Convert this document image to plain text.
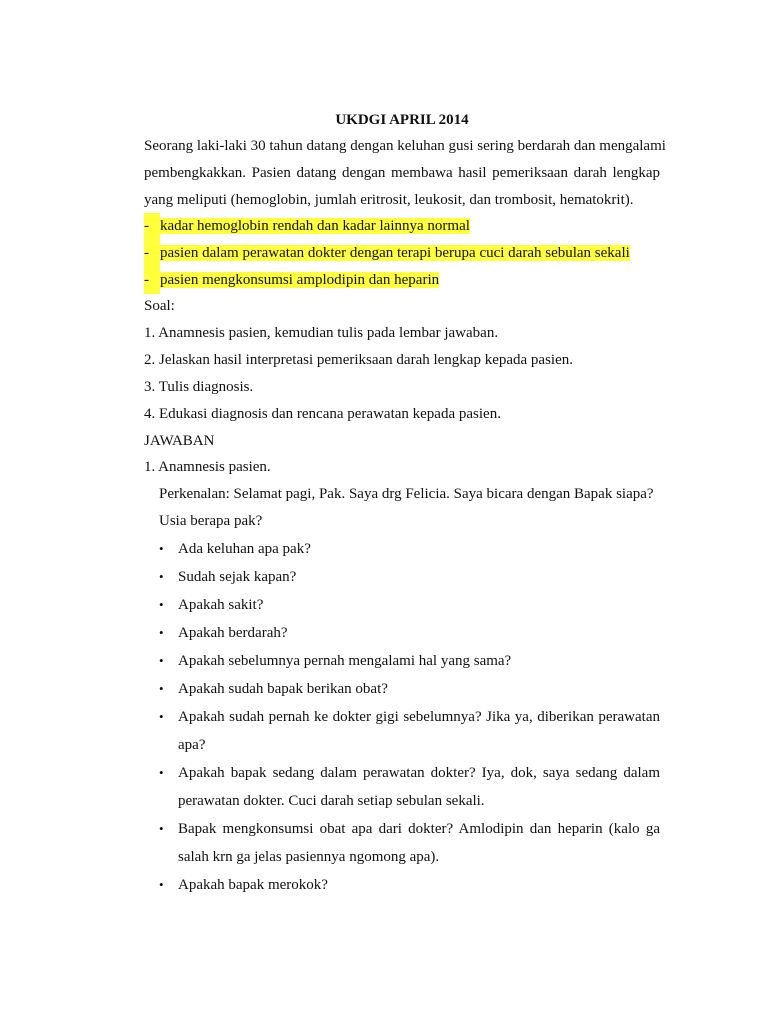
UKDGI APRIL 2014
Seorang laki-laki 30 tahun datang dengan keluhan gusi sering berdarah dan mengalami
pembengkakkan. Pasien datang dengan membawa hasil pemeriksaan darah lengkap
yang meliputi (hemoglobin, jumlah eritrosit, leukosit, dan trombosit, hematokrit).
- kadar hemoglobin rendah dan kadar lainnya normal
- pasien dalam perawatan dokter dengan terapi berupa cuci darah sebulan sekali
- pasien mengkonsumsi amplodipin dan heparin
Soal:
1. Anamnesis pasien, kemudian tulis pada lembar jawaban.
2. Jelaskan hasil interpretasi pemeriksaan darah lengkap kepada pasien.
3. Tulis diagnosis.
4. Edukasi diagnosis dan rencana perawatan kepada pasien.
JAWABAN
1. Anamnesis pasien.
Perkenalan: Selamat pagi, Pak. Saya drg Felicia. Saya bicara dengan Bapak siapa?
Usia berapa pak?
• Ada keluhan apa pak?
• Sudah sejak kapan?
• Apakah sakit?
• Apakah berdarah?
• Apakah sebelumnya pernah mengalami hal yang sama?
• Apakah sudah bapak berikan obat?
• Apakah sudah pernah ke dokter gigi sebelumnya? Jika ya, diberikan perawatan apa?
• Apakah bapak sedang dalam perawatan dokter? Iya, dok, saya sedang dalam perawatan dokter. Cuci darah setiap sebulan sekali.
• Bapak mengkonsumsi obat apa dari dokter? Amlodipin dan heparin (kalo ga salah krn ga jelas pasiennya ngomong apa).
• Apakah bapak merokok?
